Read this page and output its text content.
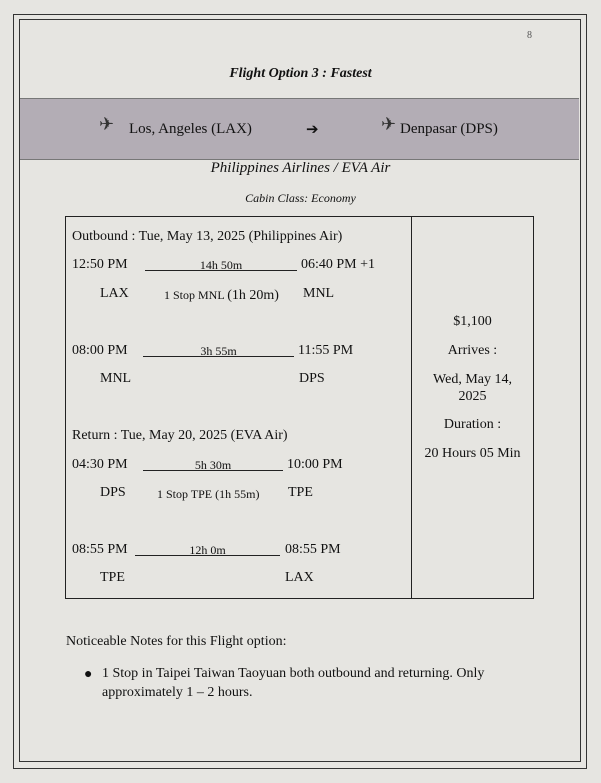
8
Flight Option 3 : Fastest
✈ Los, Angeles (LAX)	➔	✈ Denpasar (DPS)
Philippines Airlines / EVA Air
Cabin Class: Economy
Outbound : Tue, May 13, 2025 (Philippines Air)
12:50 PM	14h 50m	06:40 PM +1
LAX	1 Stop MNL (1h 20m) MNL
08:00 PM	3h 55m	11:55 PM
MNL	DPS
Return : Tue, May 20, 2025 (EVA Air)
04:30 PM	5h 30m	10:00 PM
DPS	1 Stop TPE (1h 55m) TPE
08:55 PM	12h 0m	08:55 PM
TPE	LAX
$1,100
Arrives :
Wed, May 14,
2025
Duration :
20 Hours 05 Min
Noticeable Notes for this Flight option:
● 1 Stop in Taipei Taiwan Taoyuan both outbound and returning. Only approximately 1 – 2 hours.
